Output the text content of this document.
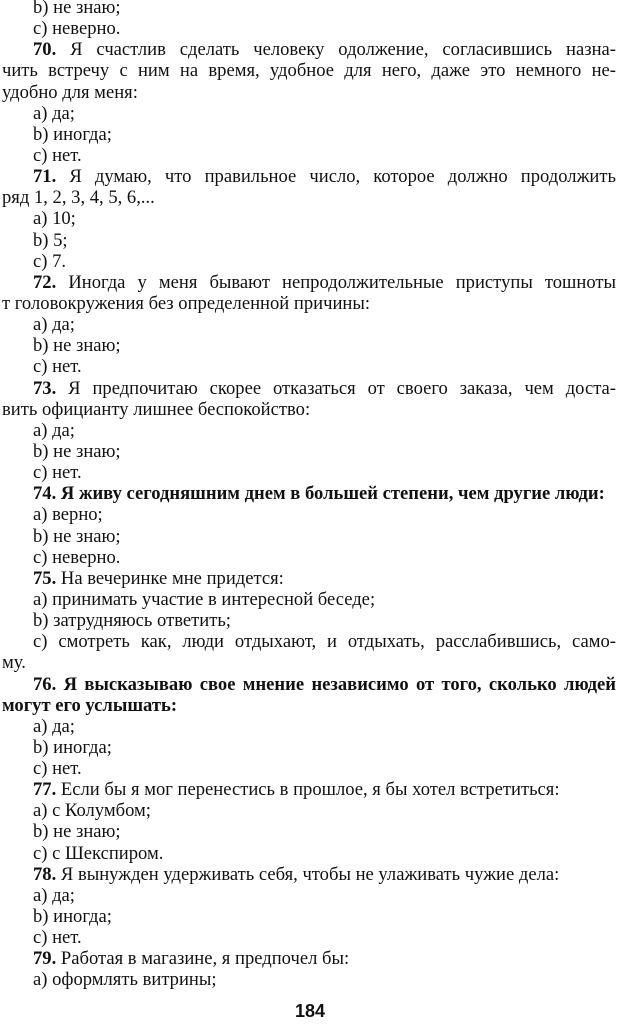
b) не знаю;
c) неверно.
70. Я счастлив сделать человеку одолжение, согласившись назна-
чить встречу с ним на время, удобное для него, даже это немного не-
удобно для меня:
a) да;
b) иногда;
c) нет.
71. Я думаю, что правильное число, которое должно продолжить
ряд 1, 2, 3, 4, 5, 6,...
a) 10;
b) 5;
c) 7.
72. Иногда у меня бывают непродолжительные приступы тошноты
т головокружения без определенной причины:
a) да;
b) не знаю;
c) нет.
73. Я предпочитаю скорее отказаться от своего заказа, чем доста-
вить официанту лишнее беспокойство:
a) да;
b) не знаю;
c) нет.
74. Я живу сегодняшним днем в большей степени, чем другие люди:
a) верно;
b) не знаю;
c) неверно.
75. На вечеринке мне придется:
a) принимать участие в интересной беседе;
b) затрудняюсь ответить;
c) смотреть как, люди отдыхают, и отдыхать, расслабившись, само-
му.
76. Я высказываю свое мнение независимо от того, сколько людей
могут его услышать:
a) да;
b) иногда;
c) нет.
77. Если бы я мог перенестись в прошлое, я бы хотел встретиться:
a) с Колумбом;
b) не знаю;
c) с Шекспиром.
78. Я вынужден удерживать себя, чтобы не улаживать чужие дела:
a) да;
b) иногда;
c) нет.
79. Работая в магазине, я предпочел бы:
a) оформлять витрины;
184
